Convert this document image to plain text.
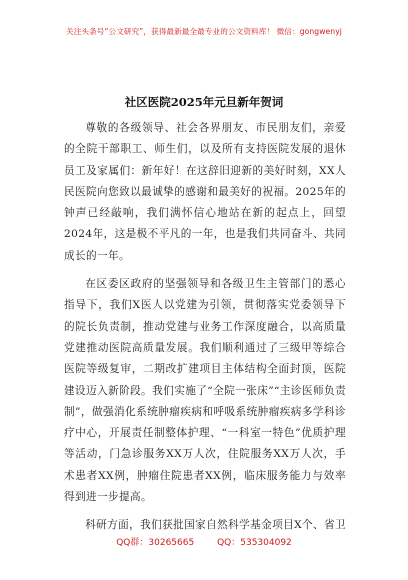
关注头条号“公文研究”，获得最新最全最专业的公文资料库！ 微信：gongwenyj
社区医院2025年元旦新年贺词

尊敬的各级领导、社会各界朋友、市民朋友们，亲爱的全院干部职工、师生们，以及所有支持医院发展的退休员工及家属们：新年好！在这辞旧迎新的美好时刻，XX人民医院向您致以最诚挚的感谢和最美好的祝福。2025年的钟声已经敲响，我们满怀信心地站在新的起点上，回望2024年，这是极不平凡的一年，也是我们共同奋斗、共同成长的一年。

在区委区政府的坚强领导和各级卫生主管部门的悉心指导下，我们X医人以党建为引领，贯彻落实党委领导下的院长负责制，推动党建与业务工作深度融合，以高质量党建推动医院高质量发展。我们顺利通过了三级甲等综合医院等级复审，二期改扩建项目主体结构全面封顶，医院建设迈入新阶段。我们实施了“全院一张床”“主诊医师负责制”，做强消化系统肿瘤疾病和呼吸系统肿瘤疾病多学科诊疗中心，开展责任制整体护理、“一科室一特色”优质护理等活动，门急诊服务XX万人次，住院服务XX万人次，手术患者XX例，肿瘤住院患者XX例，临床服务能力与效率得到进一步提高。

科研方面，我们获批国家自然科学基金项目X个、省卫

QQ群：30265665	QQ：535304092
